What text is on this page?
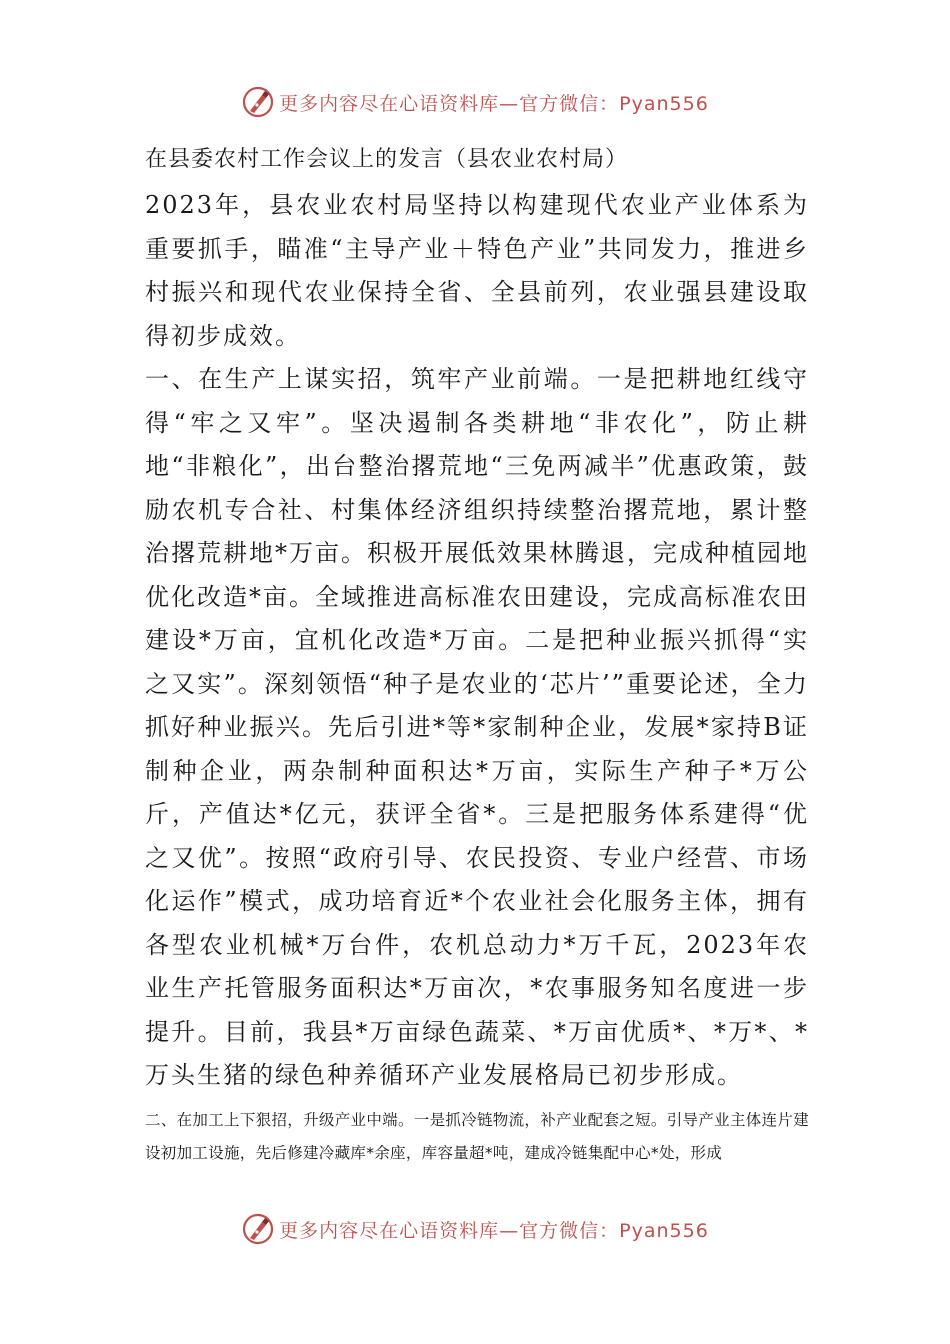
更多内容尽在心语资料库—官方微信：Pyan556

在县委农村工作会议上的发言（县农业农村局）

2023年，县农业农村局坚持以构建现代农业产业体系为重要抓手，瞄准“主导产业＋特色产业”共同发力，推进乡村振兴和现代农业保持全省、全县前列，农业强县建设取得初步成效。

一、在生产上谋实招，筑牢产业前端。一是把耕地红线守得“牢之又牢”。坚决遏制各类耕地“非农化”，防止耕地“非粮化”，出台整治撂荒地“三免两减半”优惠政策，鼓励农机专合社、村集体经济组织持续整治撂荒地，累计整治撂荒耕地*万亩。积极开展低效果林腾退，完成种植园地优化改造*亩。全域推进高标准农田建设，完成高标准农田建设*万亩，宜机化改造*万亩。二是把种业振兴抓得“实之又实”。深刻领悟“种子是农业的‘芯片’”重要论述，全力抓好种业振兴。先后引进*等*家制种企业，发展*家持B证制种企业，两杂制种面积达*万亩，实际生产种子*万公斤，产值达*亿元，获评全省*。三是把服务体系建得“优之又优”。按照“政府引导、农民投资、专业户经营、市场化运作”模式，成功培育近*个农业社会化服务主体，拥有各型农业机械*万台件，农机总动力*万千瓦，2023年农业生产托管服务面积达*万亩次，*农事服务知名度进一步提升。目前，我县*万亩绿色蔬菜、*万亩优质*、*万*、*万头生猪的绿色种养循环产业发展格局已初步形成。

二、在加工上下狠招，升级产业中端。一是抓冷链物流，补产业配套之短。引导产业主体连片建设初加工设施，先后修建冷藏库*余座，库容量超*吨，建成冷链集配中心*处，形成

更多内容尽在心语资料库—官方微信：Pyan556
